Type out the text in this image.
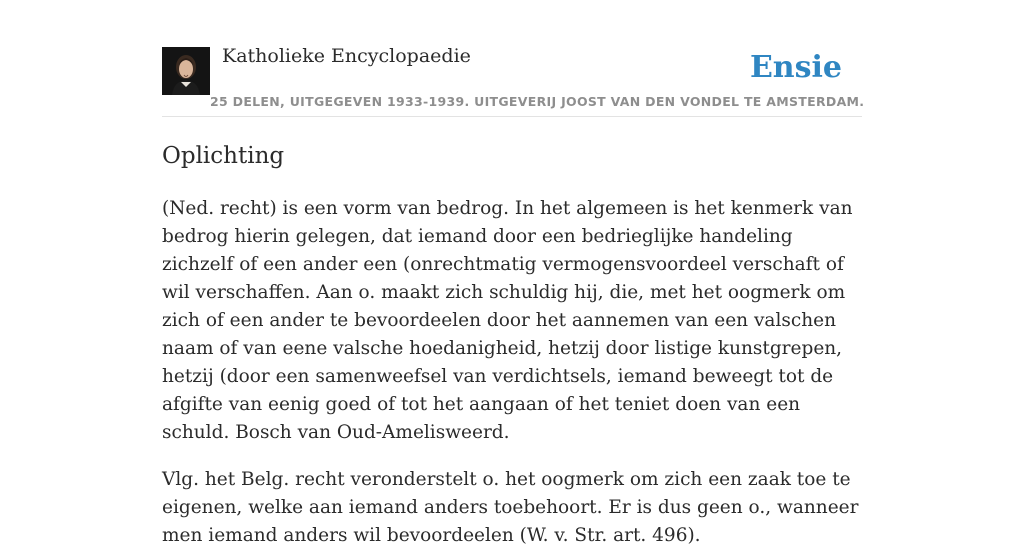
Katholieke Encyclopaedie	Ensie
25 DELEN, UITGEGEVEN 1933-1939. UITGEVERIJ JOOST VAN DEN VONDEL TE AMSTERDAM.
Oplichting

(Ned. recht) is een vorm van bedrog. In het algemeen is het kenmerk van bedrog hierin gelegen, dat iemand door een bedrieglijke handeling zichzelf of een ander een (onrechtmatig vermogensvoordeel verschaft of wil verschaffen. Aan o. maakt zich schuldig hij, die, met het oogmerk om zich of een ander te bevoordeelen door het aannemen van een valschen naam of van eene valsche hoedanigheid, hetzij door listige kunstgrepen, hetzij (door een samenweefsel van verdichtsels, iemand beweegt tot de afgifte van eenig goed of tot het aangaan of het teniet doen van een schuld. Bosch van Oud-Amelisweerd.

Vlg. het Belg. recht veronderstelt o. het oogmerk om zich een zaak toe te eigenen, welke aan iemand anders toebehoort. Er is dus geen o., wanneer men iemand anders wil bevoordeelen (W. v. Str. art. 496).
